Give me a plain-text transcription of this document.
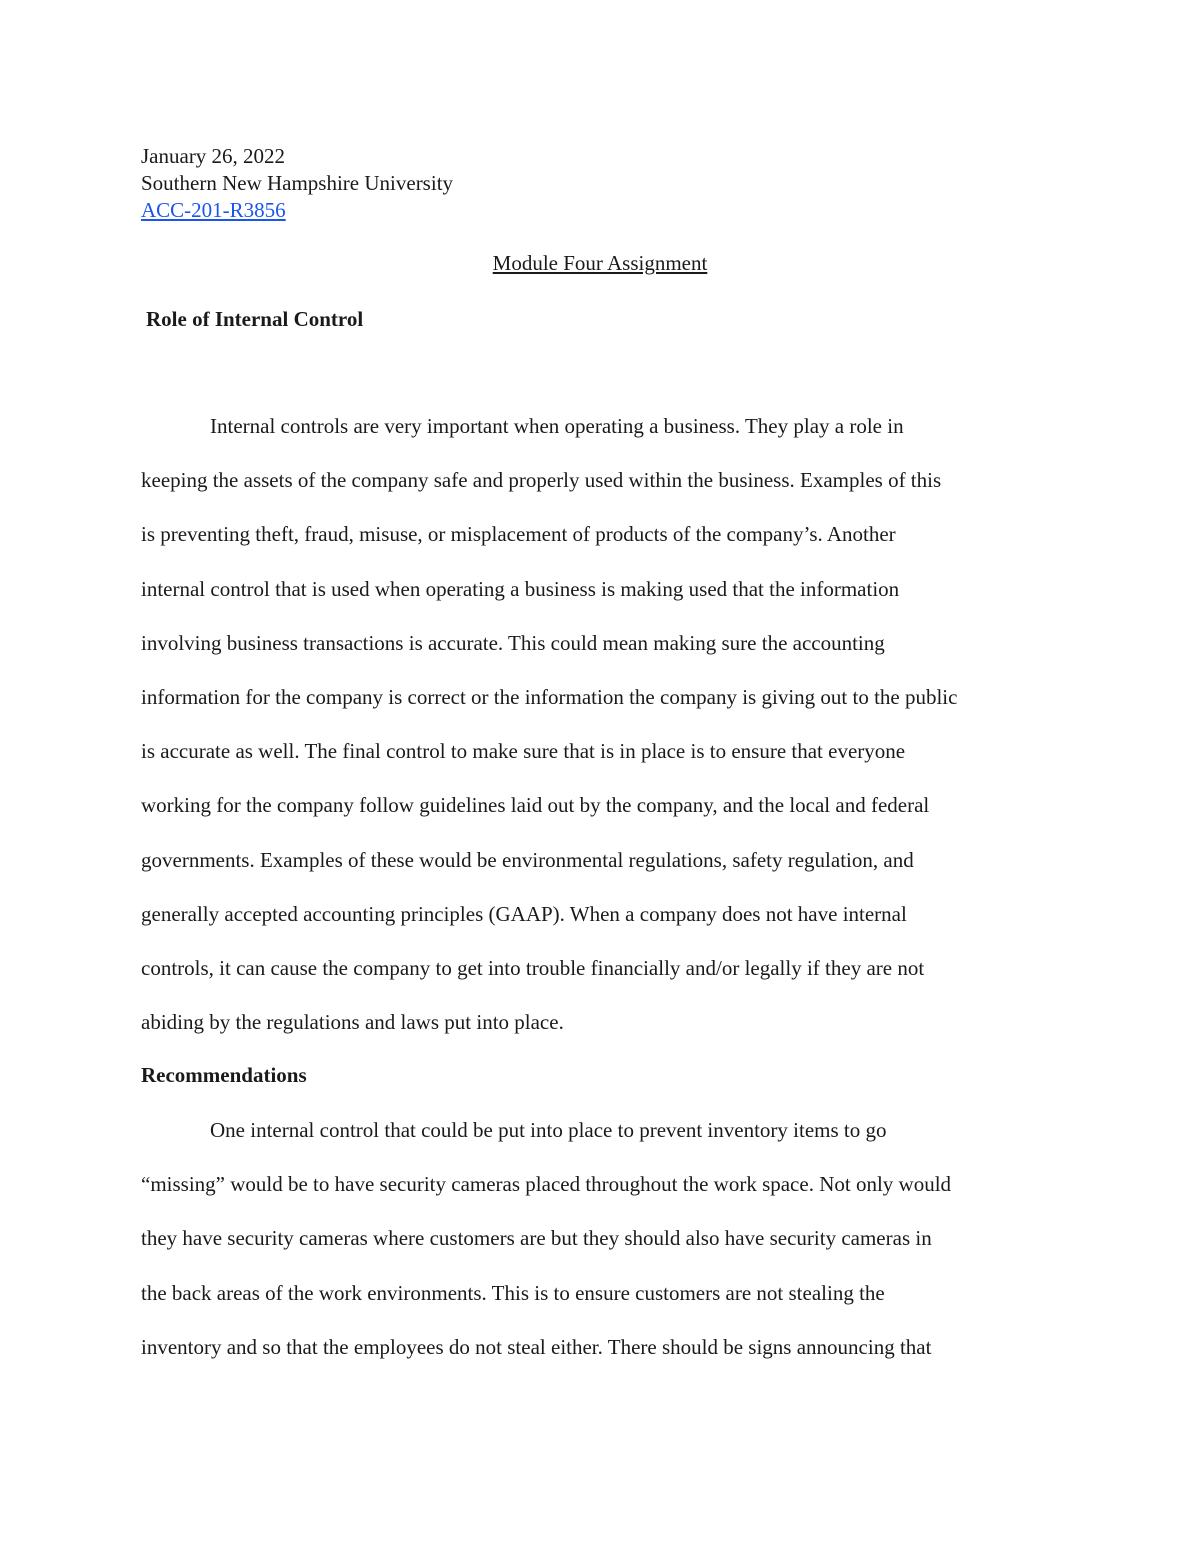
January 26, 2022
Southern New Hampshire University
ACC-201-R3856
Module Four Assignment
Role of Internal Control
Internal controls are very important when operating a business. They play a role in
keeping the assets of the company safe and properly used within the business. Examples of this
is preventing theft, fraud, misuse, or misplacement of products of the company’s. Another
internal control that is used when operating a business is making used that the information
involving business transactions is accurate. This could mean making sure the accounting
information for the company is correct or the information the company is giving out to the public
is accurate as well. The final control to make sure that is in place is to ensure that everyone
working for the company follow guidelines laid out by the company, and the local and federal
governments. Examples of these would be environmental regulations, safety regulation, and
generally accepted accounting principles (GAAP). When a company does not have internal
controls, it can cause the company to get into trouble financially and/or legally if they are not
abiding by the regulations and laws put into place.
Recommendations
One internal control that could be put into place to prevent inventory items to go
“missing” would be to have security cameras placed throughout the work space. Not only would
they have security cameras where customers are but they should also have security cameras in
the back areas of the work environments. This is to ensure customers are not stealing the
inventory and so that the employees do not steal either. There should be signs announcing that
